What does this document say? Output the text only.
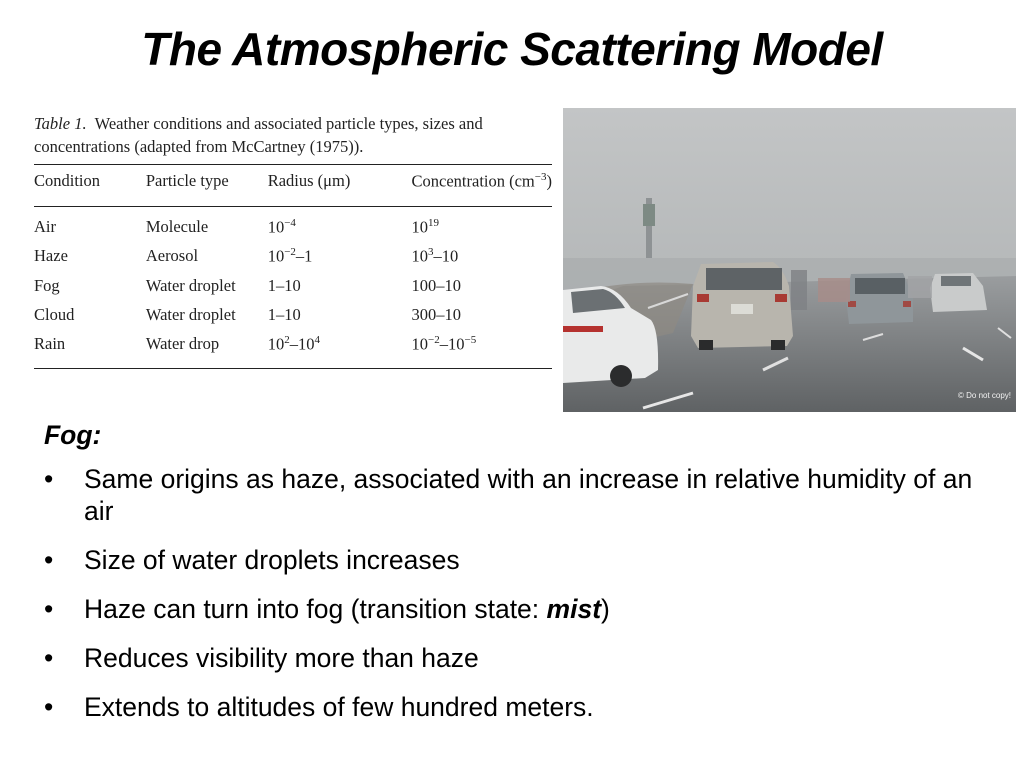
The Atmospheric Scattering Model
Table 1. Weather conditions and associated particle types, sizes and concentrations (adapted from McCartney (1975)).
Condition	Particle type	Radius (μm)	Concentration $(cm^{-3})$
Air	Molecule	$10^{-4}$	$10^{19}$
Haze	Aerosol	$10^{-2}-1$	$10^3-10$
Fog	Water droplet	1–10	100–10
Cloud	Water droplet	1–10	300–10
Rain	Water drop	$10^2-10^4$	$10^{-2}-10^{-5}$
© Do not copy!
Fog:
• Same origins as haze, associated with an increase in relative humidity of an air
• Size of water droplets increases
• Haze can turn into fog (transition state: mist)
• Reduces visibility more than haze
• Extends to altitudes of few hundred meters.
